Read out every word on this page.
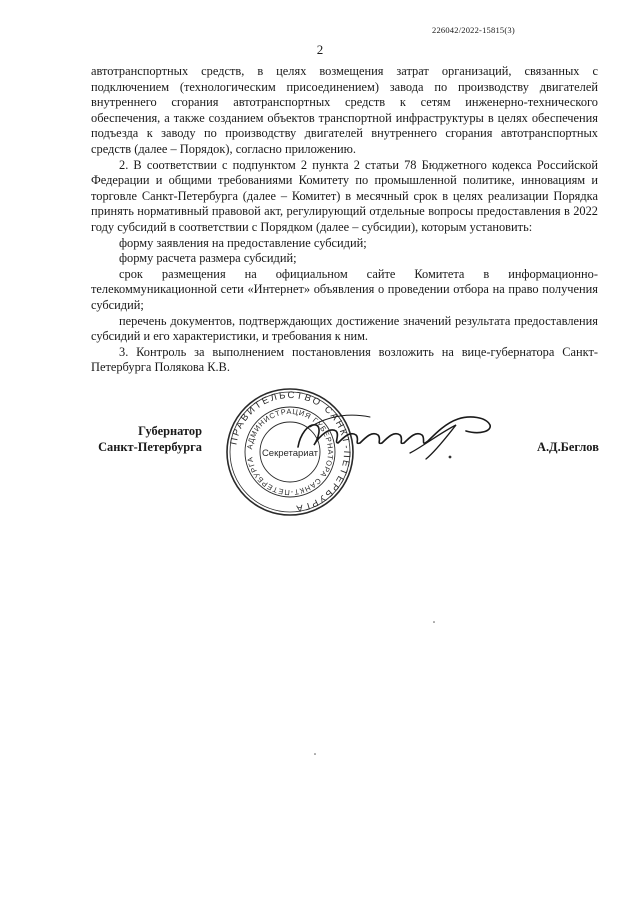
226042/2022-15815(3)
2

автотранспортных средств, в целях возмещения затрат организаций, связанных с подключением (технологическим присоединением) завода по производству двигателей внутреннего сгорания автотранспортных средств к сетям инженерно-технического обеспечения, а также созданием объектов транспортной инфраструктуры в целях обеспечения подъезда к заводу по производству двигателей внутреннего сгорания автотранспортных средств (далее – Порядок), согласно приложению.

2. В соответствии с подпунктом 2 пункта 2 статьи 78 Бюджетного кодекса Российской Федерации и общими требованиями Комитету по промышленной политике, инновациям и торговле Санкт-Петербурга (далее – Комитет) в месячный срок в целях реализации Порядка принять нормативный правовой акт, регулирующий отдельные вопросы предоставления в 2022 году субсидий в соответствии с Порядком (далее – субсидии), которым установить:

форму заявления на предоставление субсидий;

форму расчета размера субсидий;

срок размещения на официальном сайте Комитета в информационно-телекоммуникационной сети «Интернет» объявления о проведении отбора на право получения субсидий;

перечень документов, подтверждающих достижение значений результата предоставления субсидий и его характеристики, и требования к ним.

3. Контроль за выполнением постановления возложить на вице-губернатора Санкт-Петербурга Полякова К.В.

Губернатор
Санкт-Петербурга	ПРАВИТЕЛЬСТВО САНКТ-ПЕТЕРБУРГА
АДМИНИСТРАЦИЯ ГУБЕРНАТОРА САНКТ-ПЕТЕРБУРГА
Секретариат	А.Д.Беглов
